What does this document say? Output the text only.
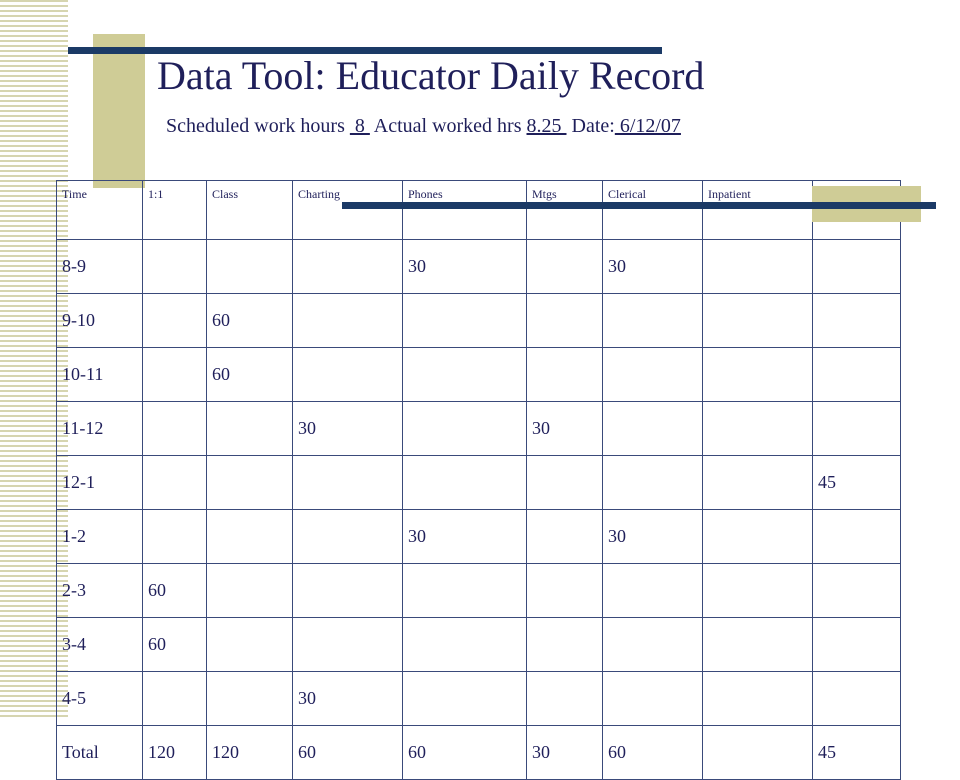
Data Tool: Educator Daily Record
Scheduled work hours  8  Actual worked hrs 8.25  Date: 6/12/07
Time	1:1	Class	Charting	Phones	Mtgs	Clerical	Inpatient	
8-9				30		30		
9-10		60						
10-11		60						
11-12			30		30			
12-1								45
1-2				30		30		
2-3	60							
3-4	60							
4-5			30					
Total	120	120	60	60	30	60		45
